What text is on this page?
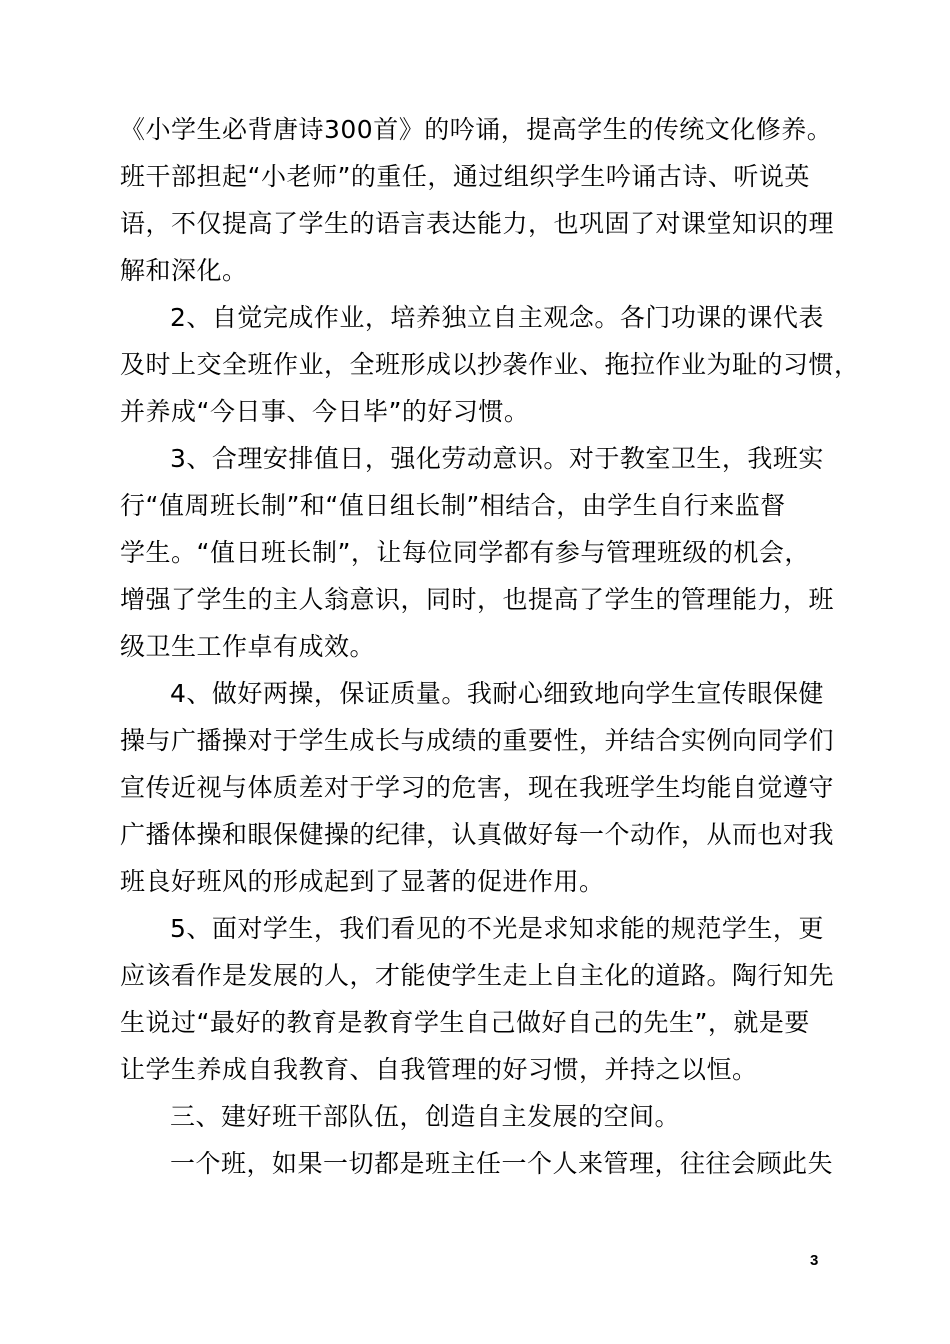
《小学生必背唐诗300首》的吟诵，提高学生的传统文化修养。
班干部担起“小老师”的重任，通过组织学生吟诵古诗、听说英
语，不仅提高了学生的语言表达能力，也巩固了对课堂知识的理
解和深化。
2、自觉完成作业，培养独立自主观念。各门功课的课代表
及时上交全班作业，全班形成以抄袭作业、拖拉作业为耻的习惯，
并养成“今日事、今日毕”的好习惯。
3、合理安排值日，强化劳动意识。对于教室卫生，我班实
行“值周班长制”和“值日组长制”相结合，由学生自行来监督
学生。“值日班长制”，让每位同学都有参与管理班级的机会，
增强了学生的主人翁意识，同时，也提高了学生的管理能力，班
级卫生工作卓有成效。
4、做好两操，保证质量。我耐心细致地向学生宣传眼保健
操与广播操对于学生成长与成绩的重要性，并结合实例向同学们
宣传近视与体质差对于学习的危害，现在我班学生均能自觉遵守
广播体操和眼保健操的纪律，认真做好每一个动作，从而也对我
班良好班风的形成起到了显著的促进作用。
5、面对学生，我们看见的不光是求知求能的规范学生，更
应该看作是发展的人，才能使学生走上自主化的道路。陶行知先
生说过“最好的教育是教育学生自己做好自己的先生”，就是要
让学生养成自我教育、自我管理的好习惯，并持之以恒。
三、建好班干部队伍，创造自主发展的空间。
一个班，如果一切都是班主任一个人来管理，往往会顾此失
3
